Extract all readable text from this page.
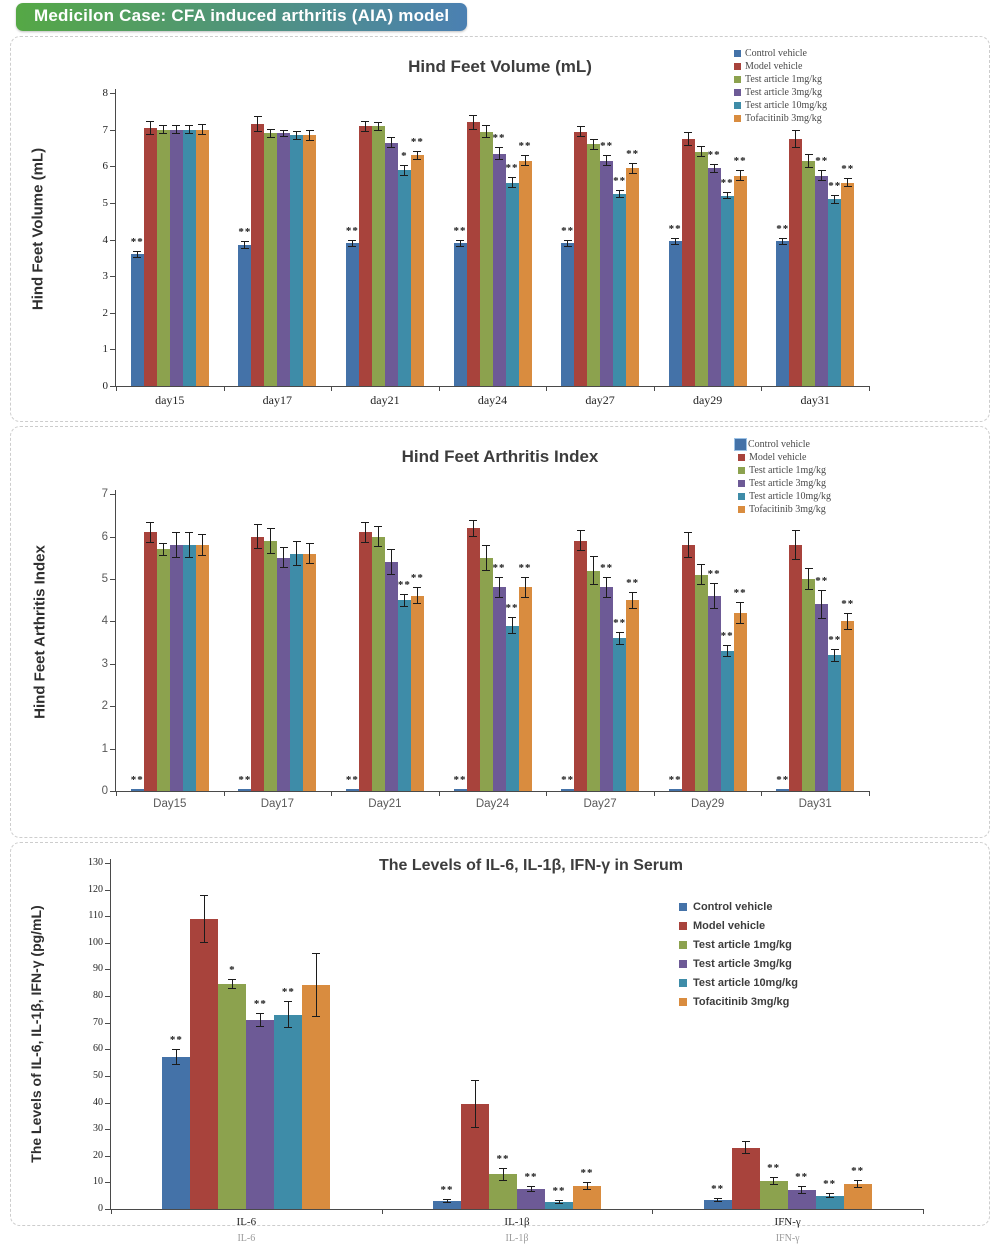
Medicilon Case: CFA induced arthritis (AIA) model
Hind Feet Volume (mL)
Hind Feet Volume (mL)
Control vehicle
Model vehicle
Test article 1mg/kg
Test article 3mg/kg
Test article 10mg/kg
Tofacitinib 3mg/kg
0
1
2
3
4
5
6
7
8
day15	day17	day21	day24	day27	day29	day31
**
**	**	**	**	**	**
**
**
**
**
*
**
**	**	**
**	**
**
**
**
Hind Feet Arthritis Index
Hind Feet Arthritis Index
Control vehicle
Model vehicle
Test article 1mg/kg
Test article 3mg/kg
Test article 10mg/kg
Tofacitinib 3mg/kg
0
1
2
3
4
5
6
7
Day15	Day17	Day21	Day24	Day27	Day29	Day31
**	**	**	**	**	**	**
**	**
**
**
**
**
**
**	**
**
**
**
**
**
The Levels of IL-6, IL-1β, IFN-γ in Serum
The Levels of IL-6, IL-1β, IFN-γ (pg/mL)	Control vehicle
Model vehicle
Test article 1mg/kg
Test article 3mg/kg
Test article 10mg/kg
Tofacitinib 3mg/kg
0
10
20
30
40
50
60
70
80
90
100
110
120
130
IL-6
IL-6
IL-1β
IL-1β
IFN-γ
IFN-γ
**
**	**
*
**
**
**
**	**
**
**
**
**	**
